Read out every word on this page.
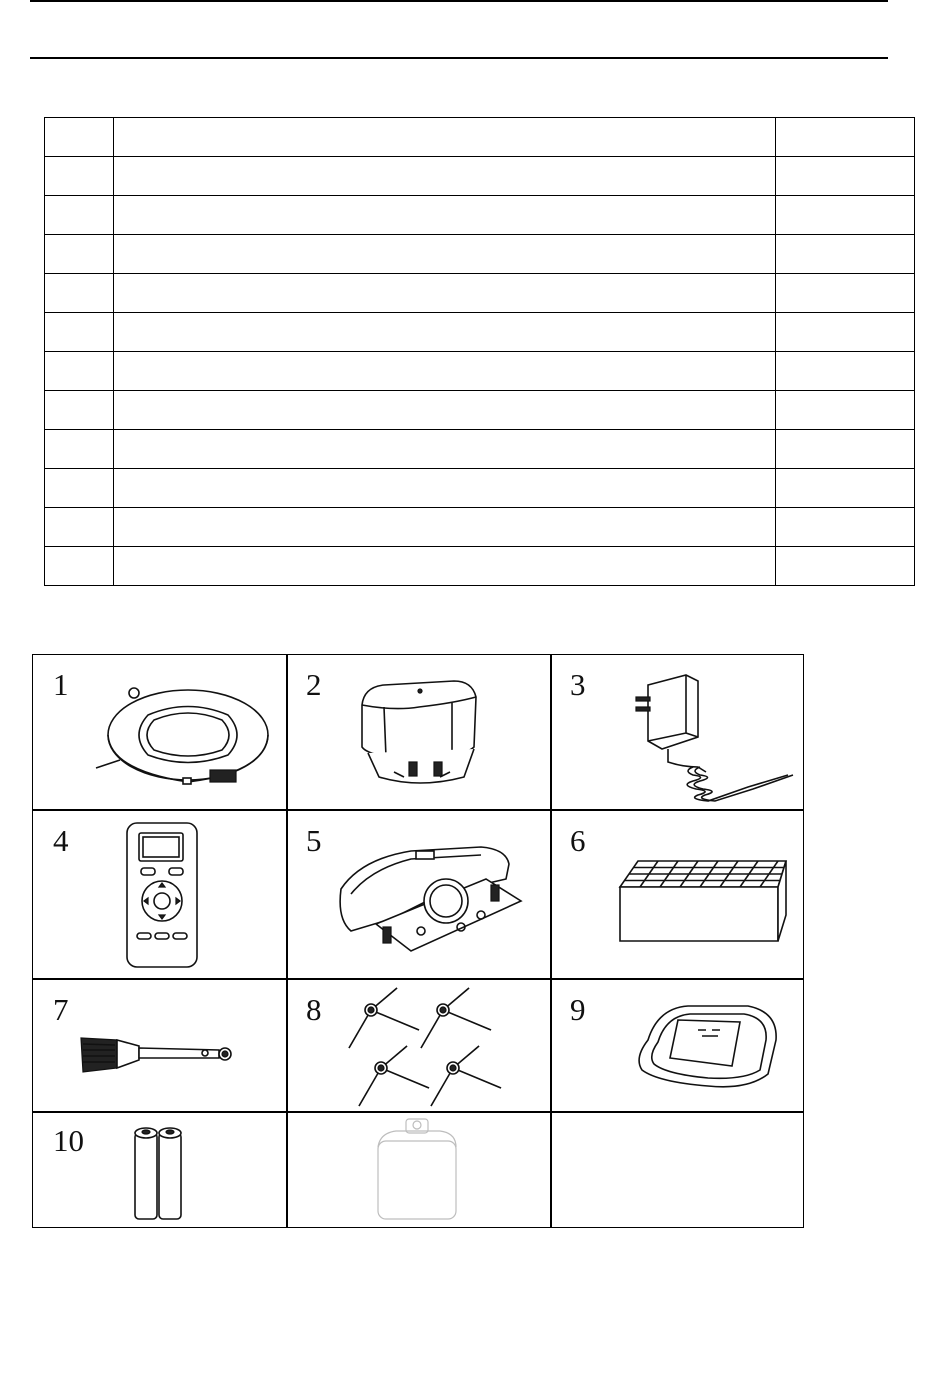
1	2	3
4	5	6
7	8	9
10
